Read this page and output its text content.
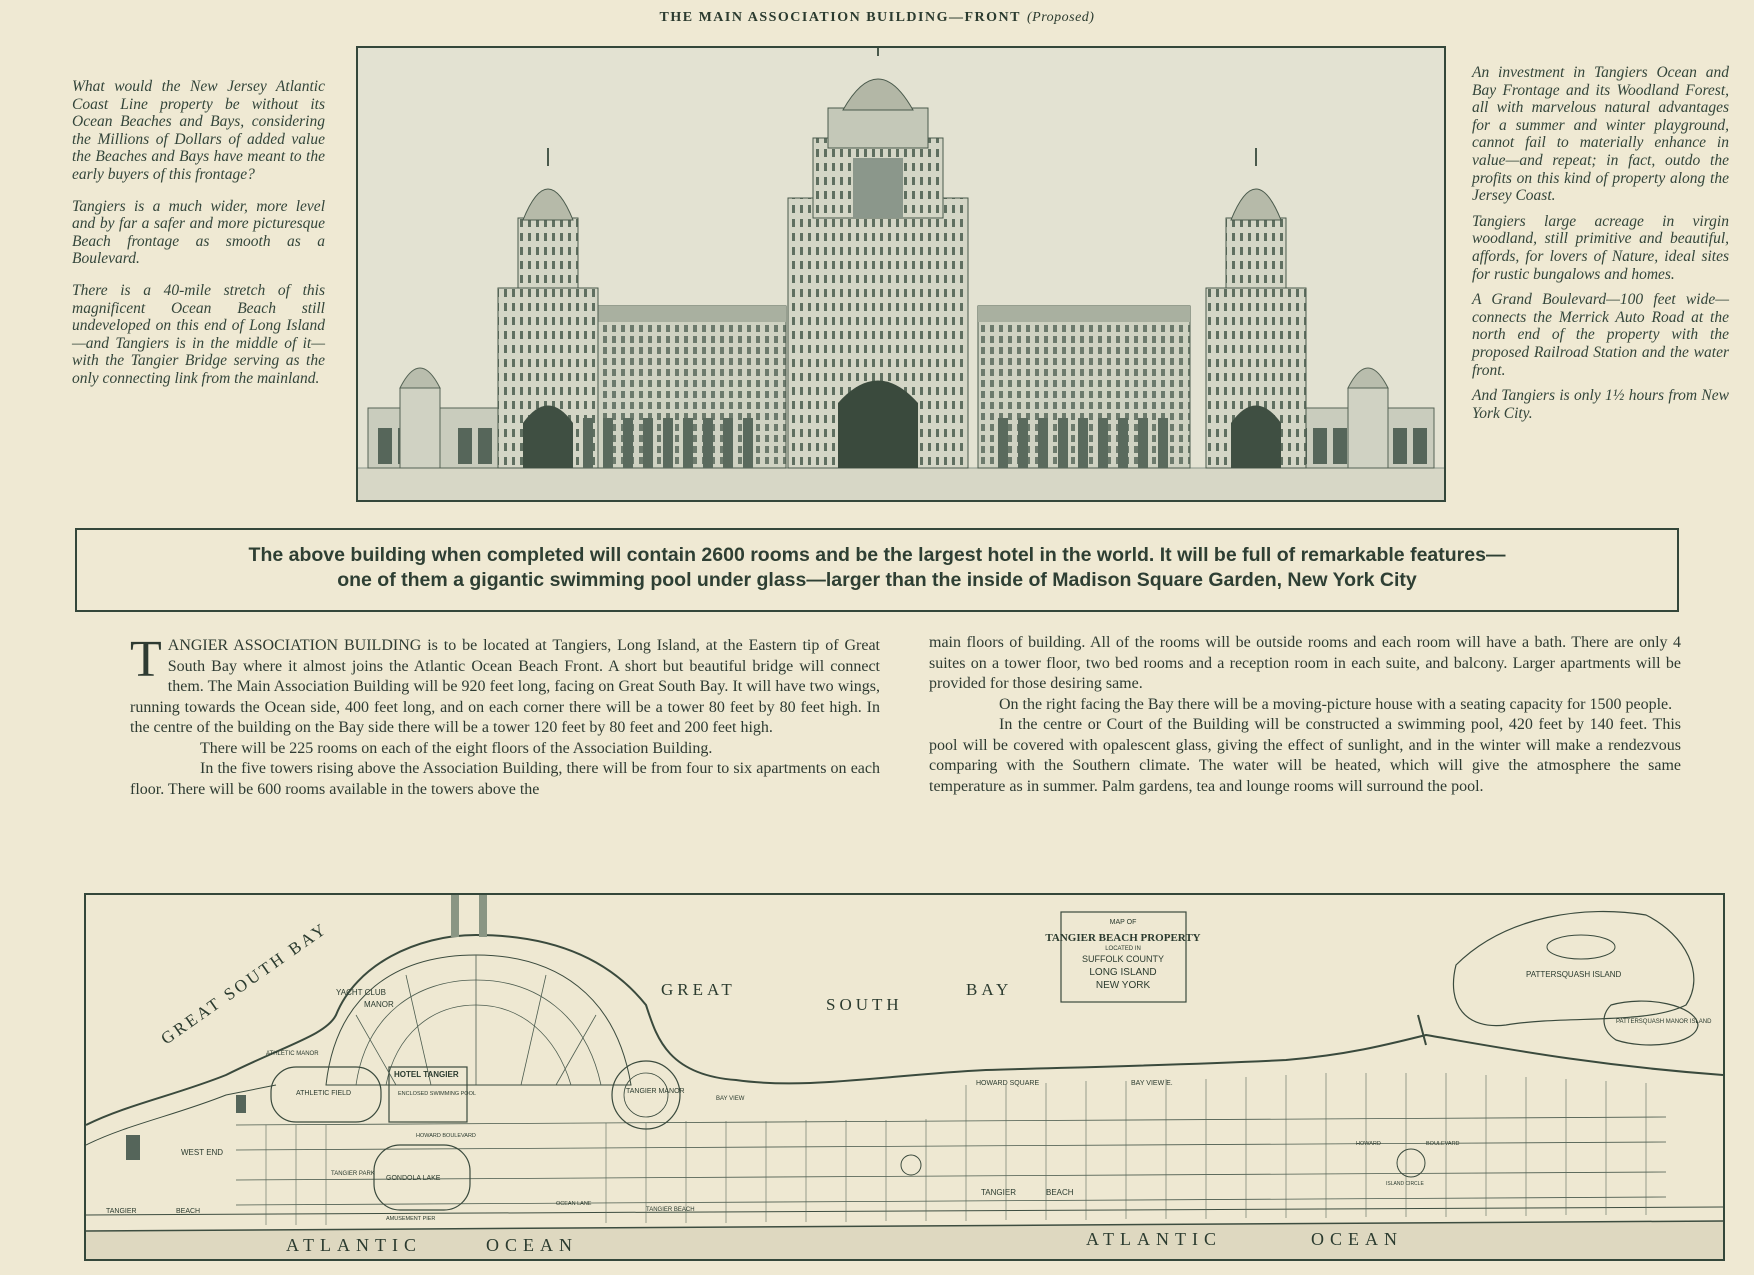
THE MAIN ASSOCIATION BUILDING—FRONT (Proposed)

What would the New Jersey Atlantic Coast Line property be without its Ocean Beaches and Bays, considering the Millions of Dollars of added value the Beaches and Bays have meant to the early buyers of this frontage?

Tangiers is a much wider, more level and by far a safer and more picturesque Beach frontage as smooth as a Boulevard.

There is a 40-mile stretch of this magnificent Ocean Beach still undeveloped on this end of Long Island—and Tangiers is in the middle of it—with the Tangier Bridge serving as the only connecting link from the mainland.

An investment in Tangiers Ocean and Bay Frontage and its Woodland Forest, all with marvelous natural advantages for a summer and winter playground, cannot fail to materially enhance in value—and repeat; in fact, outdo the profits on this kind of property along the Jersey Coast.

Tangiers large acreage in virgin woodland, still primitive and beautiful, affords, for lovers of Nature, ideal sites for rustic bungalows and homes.

A Grand Boulevard—100 feet wide—connects the Merrick Auto Road at the north end of the property with the proposed Railroad Station and the water front.

And Tangiers is only 1½ hours from New York City.

The above building when completed will contain 2600 rooms and be the largest hotel in the world. It will be full of remarkable features—
one of them a gigantic swimming pool under glass—larger than the inside of Madison Square Garden, New York City

TANGIER ASSOCIATION BUILDING is to be located at Tangiers, Long Island, at the Eastern tip of Great South Bay where it almost joins the Atlantic Ocean Beach Front. A short but beautiful bridge will connect them. The Main Association Building will be 920 feet long, facing on Great South Bay. It will have two wings, running towards the Ocean side, 400 feet long, and on each corner there will be a tower 80 feet by 80 feet high. In the centre of the building on the Bay side there will be a tower 120 feet by 80 feet and 200 feet high.

There will be 225 rooms on each of the eight floors of the Association Building.

In the five towers rising above the Association Building, there will be from four to six apartments on each floor. There will be 600 rooms available in the towers above the

main floors of building. All of the rooms will be outside rooms and each room will have a bath. There are only 4 suites on a tower floor, two bed rooms and a reception room in each suite, and balcony. Larger apartments will be provided for those desiring same.

On the right facing the Bay there will be a moving-picture house with a seating capacity for 1500 people.

In the centre or Court of the Building will be constructed a swimming pool, 420 feet by 140 feet. This pool will be covered with opalescent glass, giving the effect of sunlight, and in the winter will make a rendezvous comparing with the Southern climate. The water will be heated, which will give the atmosphere the same temperature as in summer. Palm gardens, tea and lounge rooms will surround the pool.

MAP OF
TANGIER BEACH PROPERTY
LOCATED IN
SUFFOLK COUNTY
LONG ISLAND
NEW YORK
GREAT SOUTH BAY	GREAT
SOUTH
BAY
ATLANTIC	OCEAN	ATLANTIC	OCEAN
YACHT CLUB
MANOR
ATHLETIC MANOR
HOTEL TANGIER
ENCLOSED SWIMMING POOL
ATHLETIC FIELD
GONDOLA LAKE
TANGIER PARK
TANGIER MANOR
WEST END
HOWARD SQUARE	BAY VIEW E.
BAY VIEW
HOWARD BOULEVARD
PATTERSQUASH ISLAND
PATTERSQUASH MANOR ISLAND
TANGIER	BEACH	TANGIER BEACH
TANGIER	BEACH
AMUSEMENT PIER
OCEAN LANE
HOWARD	BOULEVARD
ISLAND CIRCLE
